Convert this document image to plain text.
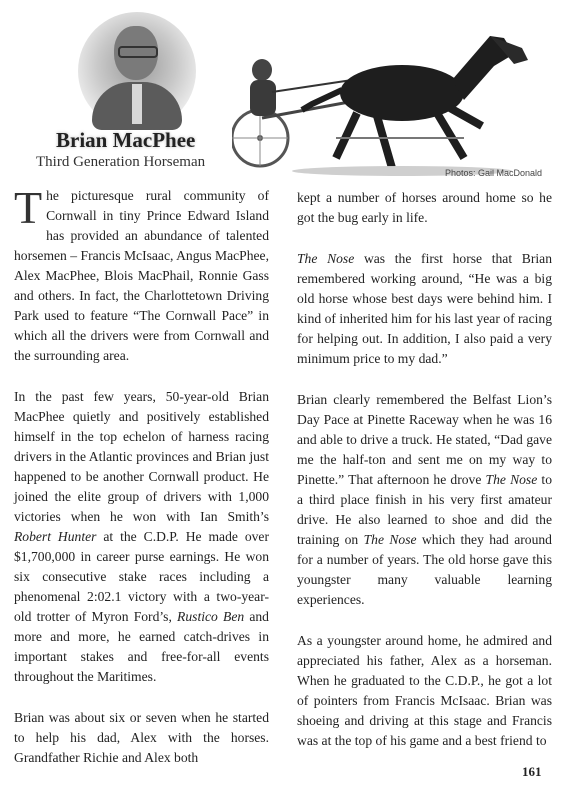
Brian MacPhee
Third Generation Horseman
Photos: Gail MacDonald

The picturesque rural community of Cornwall in tiny Prince Edward Island has provided an abundance of talented horsemen – Francis McIsaac, Angus MacPhee, Alex MacPhee, Blois MacPhail, Ronnie Gass and others. In fact, the Charlottetown Driving Park used to feature “The Cornwall Pace” in which all the drivers were from Cornwall and the surrounding area.

In the past few years, 50-year-old Brian MacPhee quietly and positively established himself in the top echelon of harness racing drivers in the Atlantic provinces and Brian just happened to be another Cornwall product. He joined the elite group of drivers with 1,000 victories when he won with Ian Smith’s Robert Hunter at the C.D.P. He made over $1,700,000 in career purse earnings. He won six consecutive stake races including a phenomenal 2:02.1 victory with a two-year-old trotter of Myron Ford’s, Rustico Ben and more and more, he earned catch-drives in important stakes and free-for-all events throughout the Maritimes.

Brian was about six or seven when he started to help his dad, Alex with the horses. Grandfather Richie and Alex both

kept a number of horses around home so he got the bug early in life.

The Nose was the first horse that Brian remembered working around, “He was a big old horse whose best days were behind him. I kind of inherited him for his last year of racing for helping out. In addition, I also paid a very minimum price to my dad.”

Brian clearly remembered the Belfast Lion’s Day Pace at Pinette Raceway when he was 16 and able to drive a truck. He stated, “Dad gave me the half-ton and sent me on my way to Pinette.” That afternoon he drove The Nose to a third place finish in his very first amateur drive. He also learned to shoe and did the training on The Nose which they had around for a number of years. The old horse gave this youngster many valuable learning experiences.

As a youngster around home, he admired and appreciated his father, Alex as a horseman. When he graduated to the C.D.P., he got a lot of pointers from Francis McIsaac. Brian was shoeing and driving at this stage and Francis was at the top of his game and a best friend to

161
